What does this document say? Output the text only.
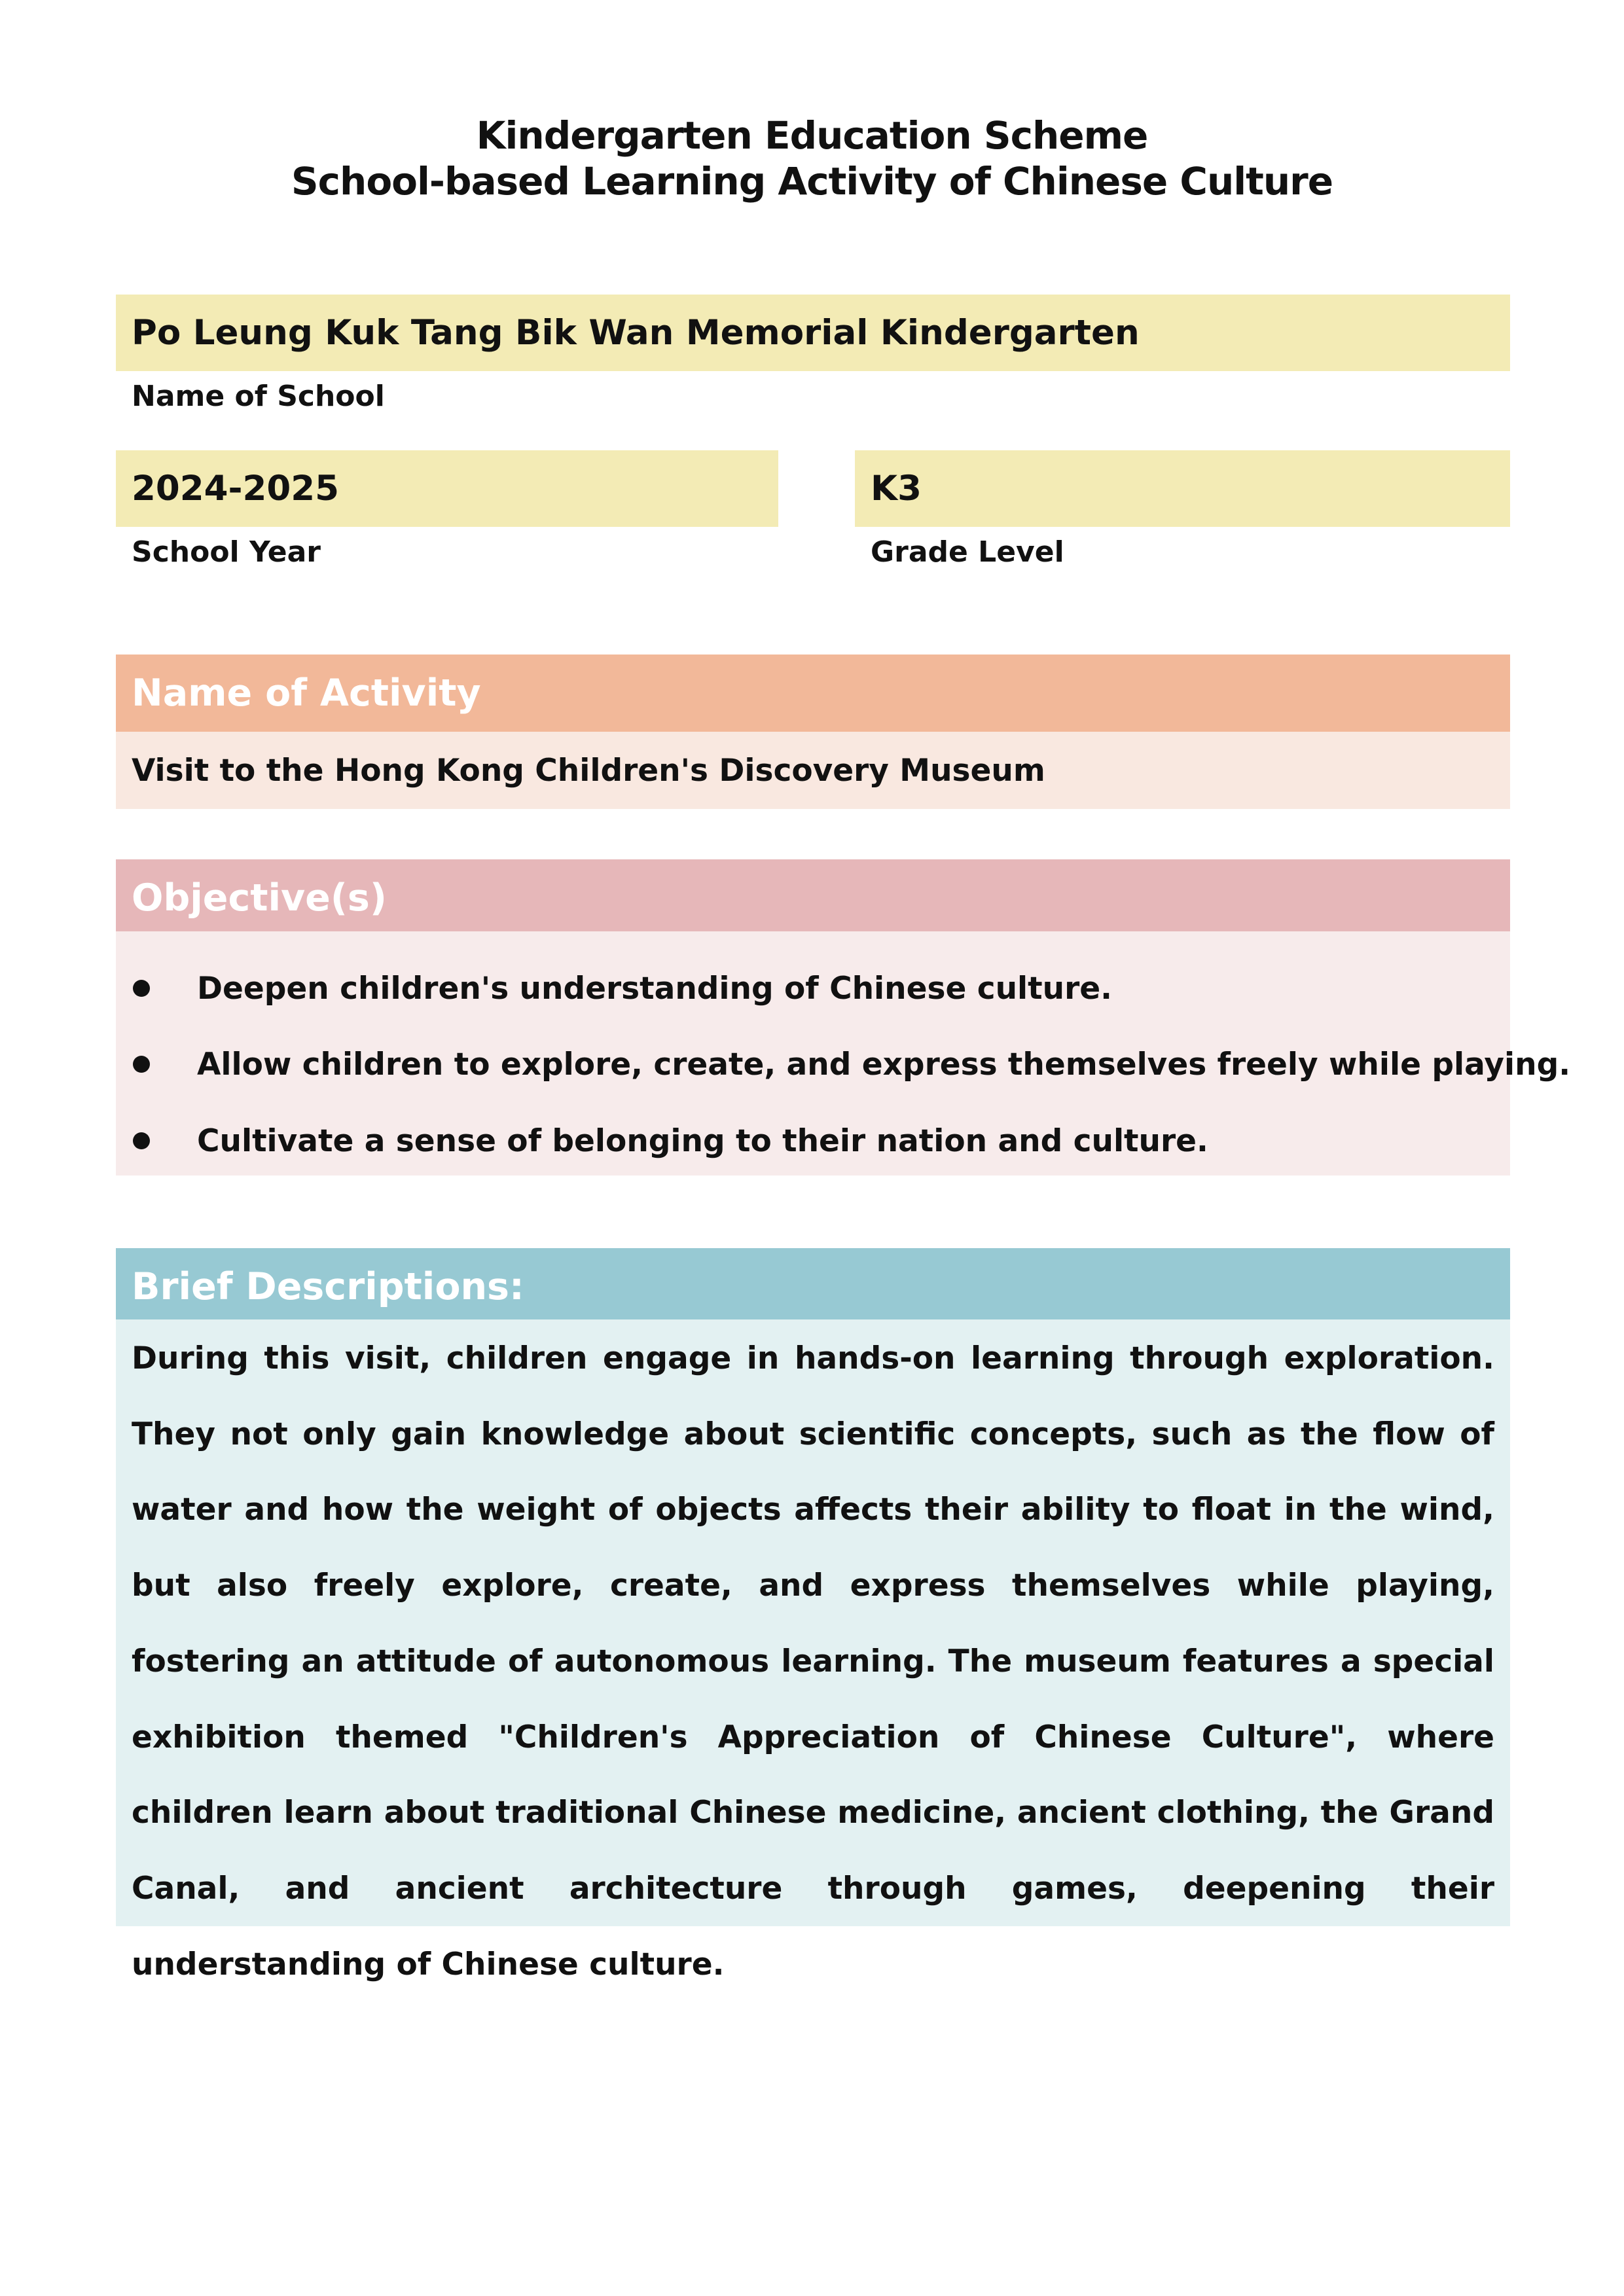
Kindergarten Education Scheme
School-based Learning Activity of Chinese Culture
Po Leung Kuk Tang Bik Wan Memorial Kindergarten
Name of School
2024-2025
School Year
K3
Grade Level
Name of Activity
Visit to the Hong Kong Children's Discovery Museum
Objective(s)
Deepen children's understanding of Chinese culture.
Allow children to explore, create, and express themselves freely while playing.
Cultivate a sense of belonging to their nation and culture.
Brief Descriptions:

During this visit, children engage in hands-on learning through exploration. They not only gain knowledge about scientific concepts, such as the flow of water and how the weight of objects affects their ability to float in the wind, but also freely explore, create, and express themselves while playing, fostering an attitude of autonomous learning. The museum features a special exhibition themed "Children's Appreciation of Chinese Culture", where children learn about traditional Chinese medicine, ancient clothing, the Grand Canal, and ancient architecture through games, deepening their understanding of Chinese culture.
